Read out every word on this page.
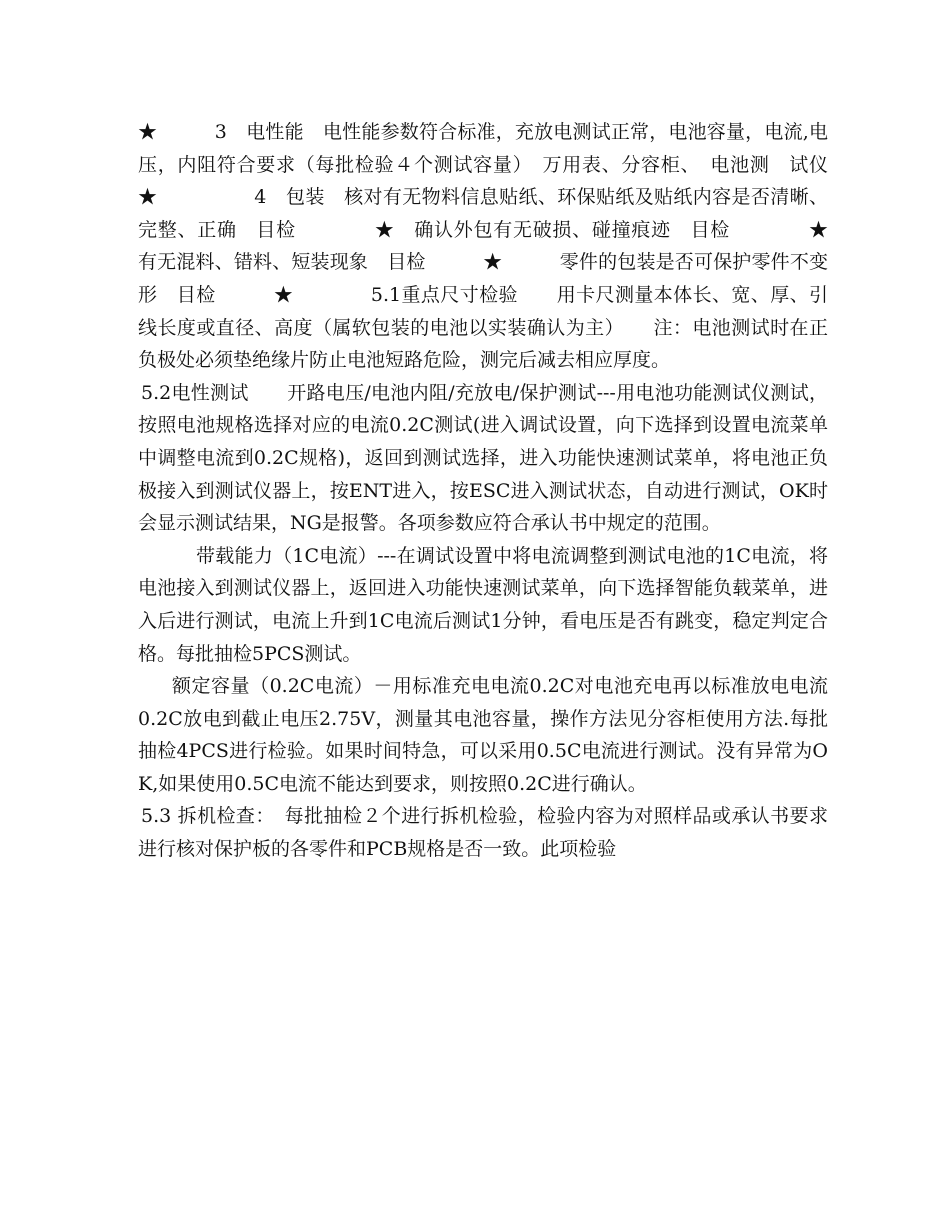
★　　　3　电性能　电性能参数符合标准，充放电测试正常，电池容量，电流,电压，内阻符合要求（每批检验４个测试容量）　万用表、分容柜、　电池测　试仪　★　　　　　4　包装　核对有无物料信息贴纸、环保贴纸及贴纸内容是否清晰、完整、正确　目检　　　　★　确认外包有无破损、碰撞痕迹　目检　　　　★　　有无混料、错料、短装现象　目检　　　★　　　零件的包装是否可保护零件不变形　目检　　　★　　　　5.1重点尺寸检验　　用卡尺测量本体长、宽、厚、引线长度或直径、高度（属软包装的电池以实装确认为主）　　注：电池测试时在正负极处必须垫绝缘片防止电池短路危险，测完后减去相应厚度。

5.2电性测试　　开路电压/电池内阻/充放电/保护测试---用电池功能测试仪测试，按照电池规格选择对应的电流0.2C测试(进入调试设置，向下选择到设置电流菜单中调整电流到0.2C规格)，返回到测试选择，进入功能快速测试菜单，将电池正负极接入到测试仪器上，按ENT进入，按ESC进入测试状态，自动进行测试，OK时会显示测试结果，NG是报警。各项参数应符合承认书中规定的范围。

带载能力（1C电流）---在调试设置中将电流调整到测试电池的1C电流，将电池接入到测试仪器上，返回进入功能快速测试菜单，向下选择智能负载菜单，进入后进行测试，电流上升到1C电流后测试1分钟，看电压是否有跳变，稳定判定合格。每批抽检5PCS测试。

额定容量（0.2C电流）－用标准充电电流0.2C对电池充电再以标准放电电流0.2C放电到截止电压2.75V，测量其电池容量，操作方法见分容柜使用方法.每批抽检4PCS进行检验。如果时间特急，可以采用0.5C电流进行测试。没有异常为OK,如果使用0.5C电流不能达到要求，则按照0.2C进行确认。

5.3 拆机检查：　每批抽检２个进行拆机检验，检验内容为对照样品或承认书要求进行核对保护板的各零件和PCB规格是否一致。此项检验
